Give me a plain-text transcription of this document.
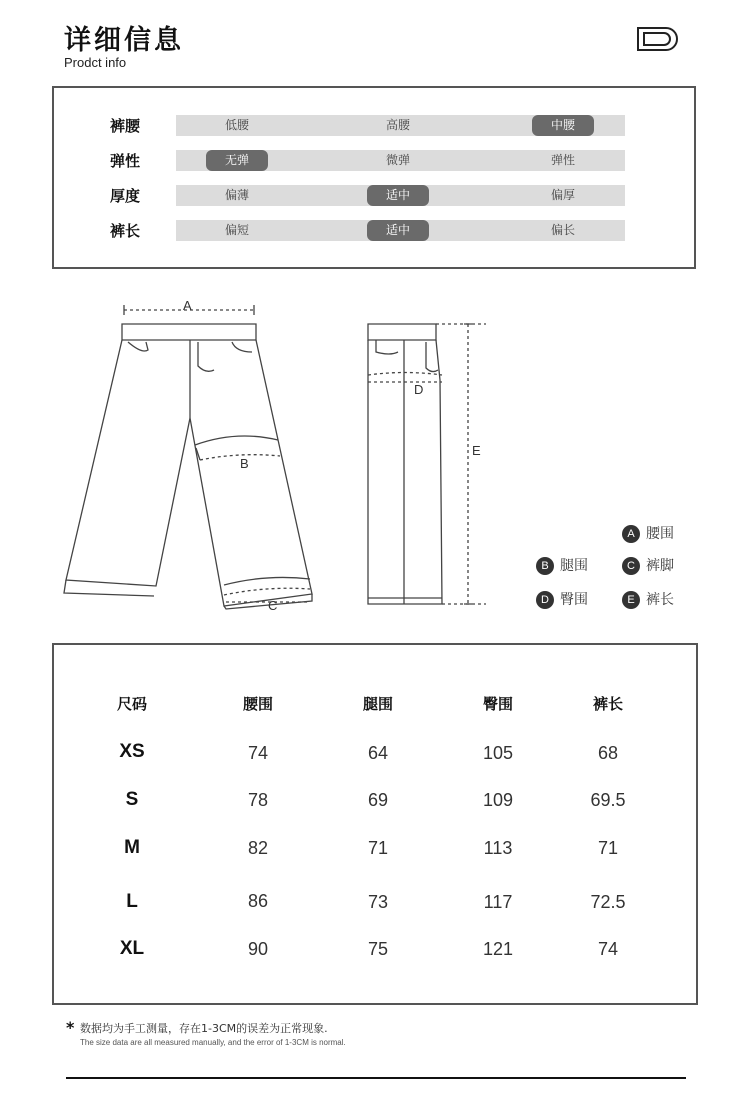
详细信息
Prodct info
裤腰	低腰	高腰	中腰
弹性	无弹	微弹	弹性
厚度	偏薄	适中	偏厚
裤长	偏短	适中	偏长
A
B
C
D
E
A 腰围
B 腿围	C 裤脚
D 臀围	E 裤长
尺码	腰围	腿围	臀围	裤长
XS	74	64	105	68
S	78	69	109	69.5
M	82	71	113	71
L	86	73	117	72.5
XL	90	75	121	74
* 数据均为手工测量，存在1-3CM的误差为正常现象.
The size data are all measured manually, and the error of 1-3CM is normal.
